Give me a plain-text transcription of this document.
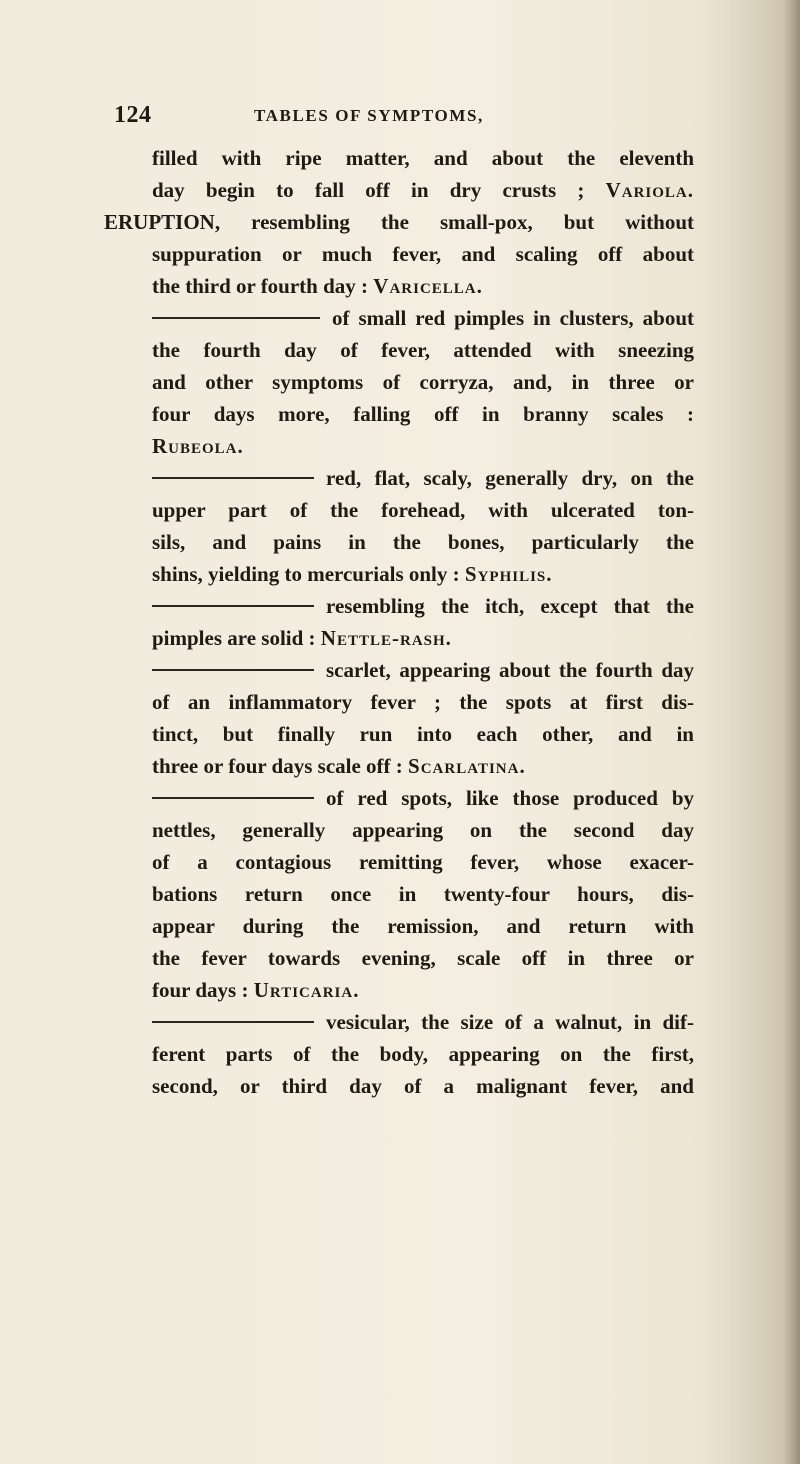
124	TABLES OF SYMPTOMS,
filled with ripe matter, and about the eleventh
day begin to fall off in dry crusts ; Variola.
ERUPTION, resembling the small-pox, but without
suppuration or much fever, and scaling off about
the third or fourth day : Varicella.
of small red pimples in clusters, about
the fourth day of fever, attended with sneezing
and other symptoms of corryza, and, in three or
four days more, falling off in branny scales :
Rubeola.
red, flat, scaly, generally dry, on the
upper part of the forehead, with ulcerated ton-
sils, and pains in the bones, particularly the
shins, yielding to mercurials only : Syphilis.
resembling the itch, except that the
pimples are solid : Nettle-rash.
scarlet, appearing about the fourth day
of an inflammatory fever ; the spots at first dis-
tinct, but finally run into each other, and in
three or four days scale off : Scarlatina.
of red spots, like those produced by
nettles, generally appearing on the second day
of a contagious remitting fever, whose exacer-
bations return once in twenty-four hours, dis-
appear during the remission, and return with
the fever towards evening, scale off in three or
four days : Urticaria.
vesicular, the size of a walnut, in dif-
ferent parts of the body, appearing on the first,
second, or third day of a malignant fever, and
